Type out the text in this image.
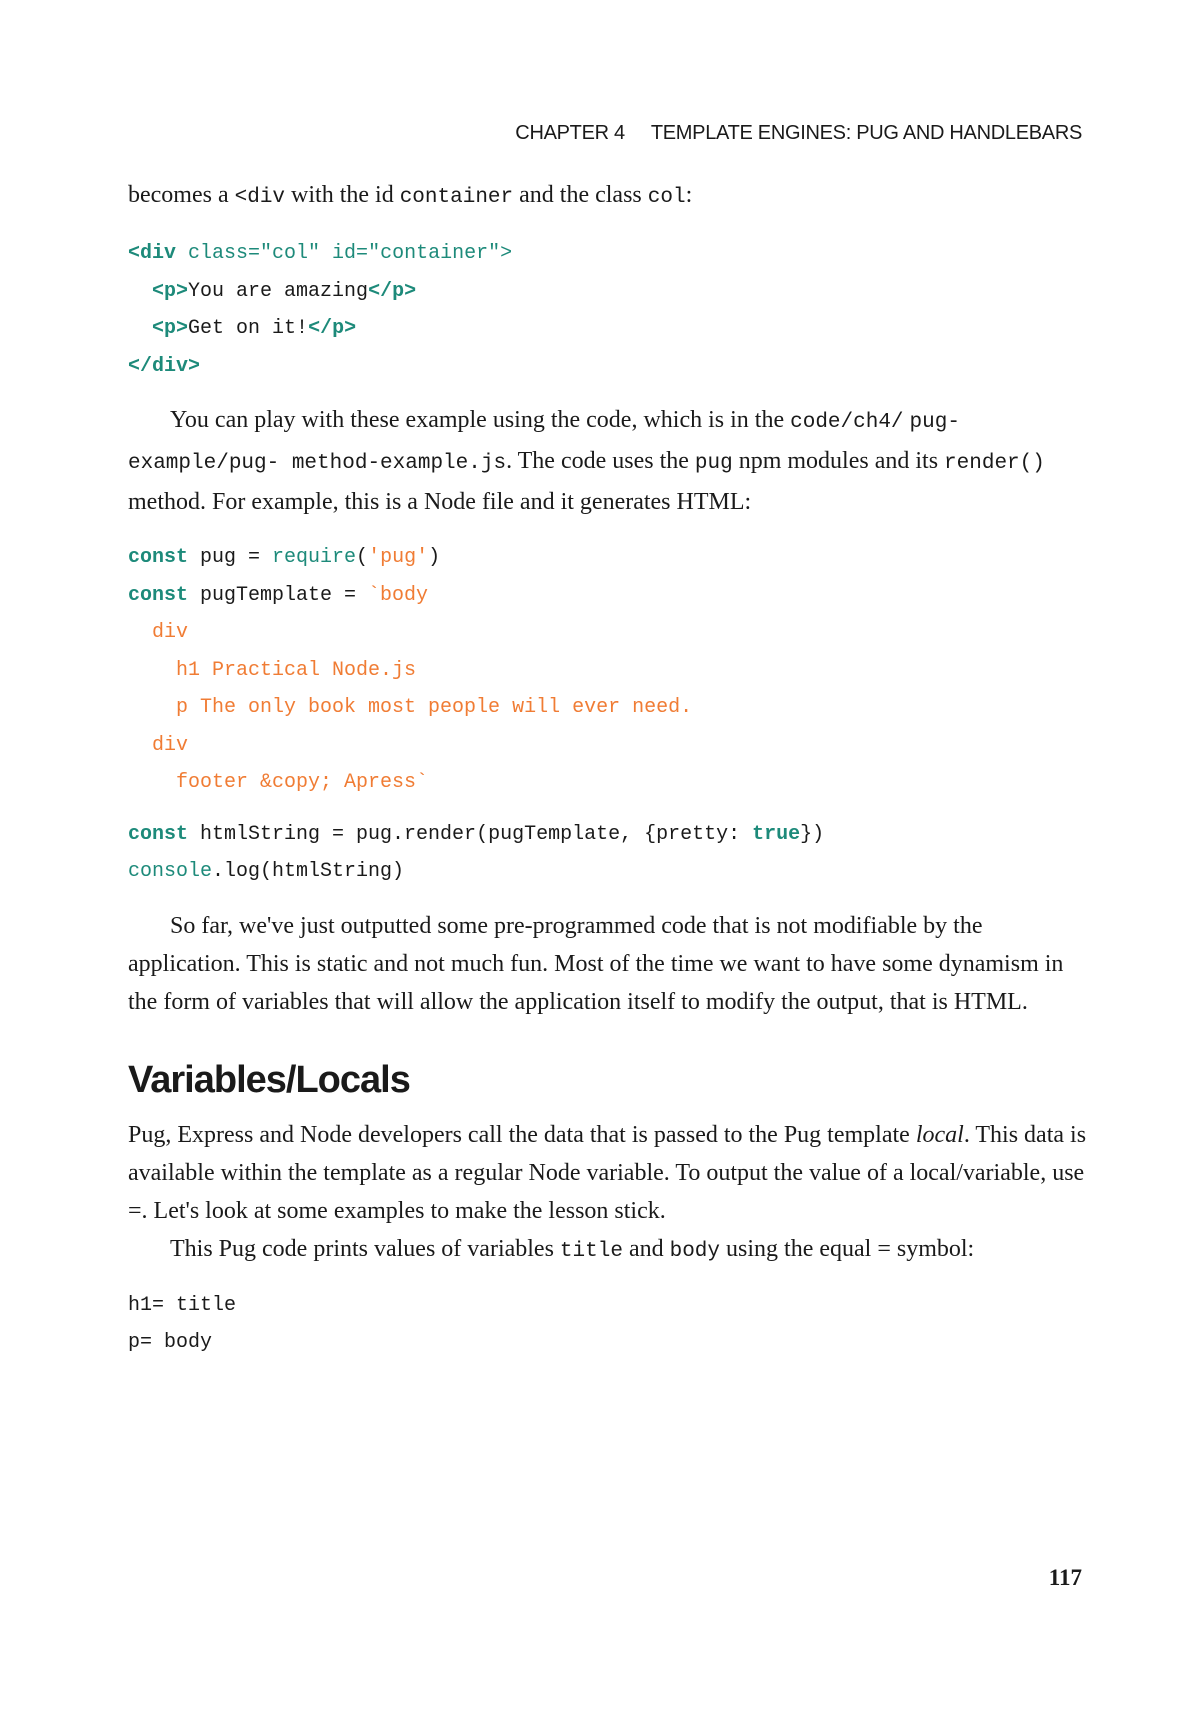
CHAPTER 4 TEMPLATE ENGINES: PUG AND HANDLEBARS

becomes a <div with the id container and the class col:

<div class="col" id="container">
<p>You are amazing</p>
<p>Get on it!</p>
</div>

You can play with these example using the code, which is in the code/ch4/ pug-example/pug- method-example.js. The code uses the pug npm modules and its render() method. For example, this is a Node file and it generates HTML:

const pug = require('pug')
const pugTemplate = `body
div
h1 Practical Node.js
p The only book most people will ever need.
div
footer &copy; Apress`
const htmlString = pug.render(pugTemplate, {pretty: true})
console.log(htmlString)

So far, we've just outputted some pre-programmed code that is not modifiable by the application. This is static and not much fun. Most of the time we want to have some dynamism in the form of variables that will allow the application itself to modify the output, that is HTML.

Variables/Locals

Pug, Express and Node developers call the data that is passed to the Pug template local. This data is available within the template as a regular Node variable. To output the value of a local/variable, use =. Let's look at some examples to make the lesson stick.

This Pug code prints values of variables title and body using the equal = symbol:

h1= title
p= body
117
